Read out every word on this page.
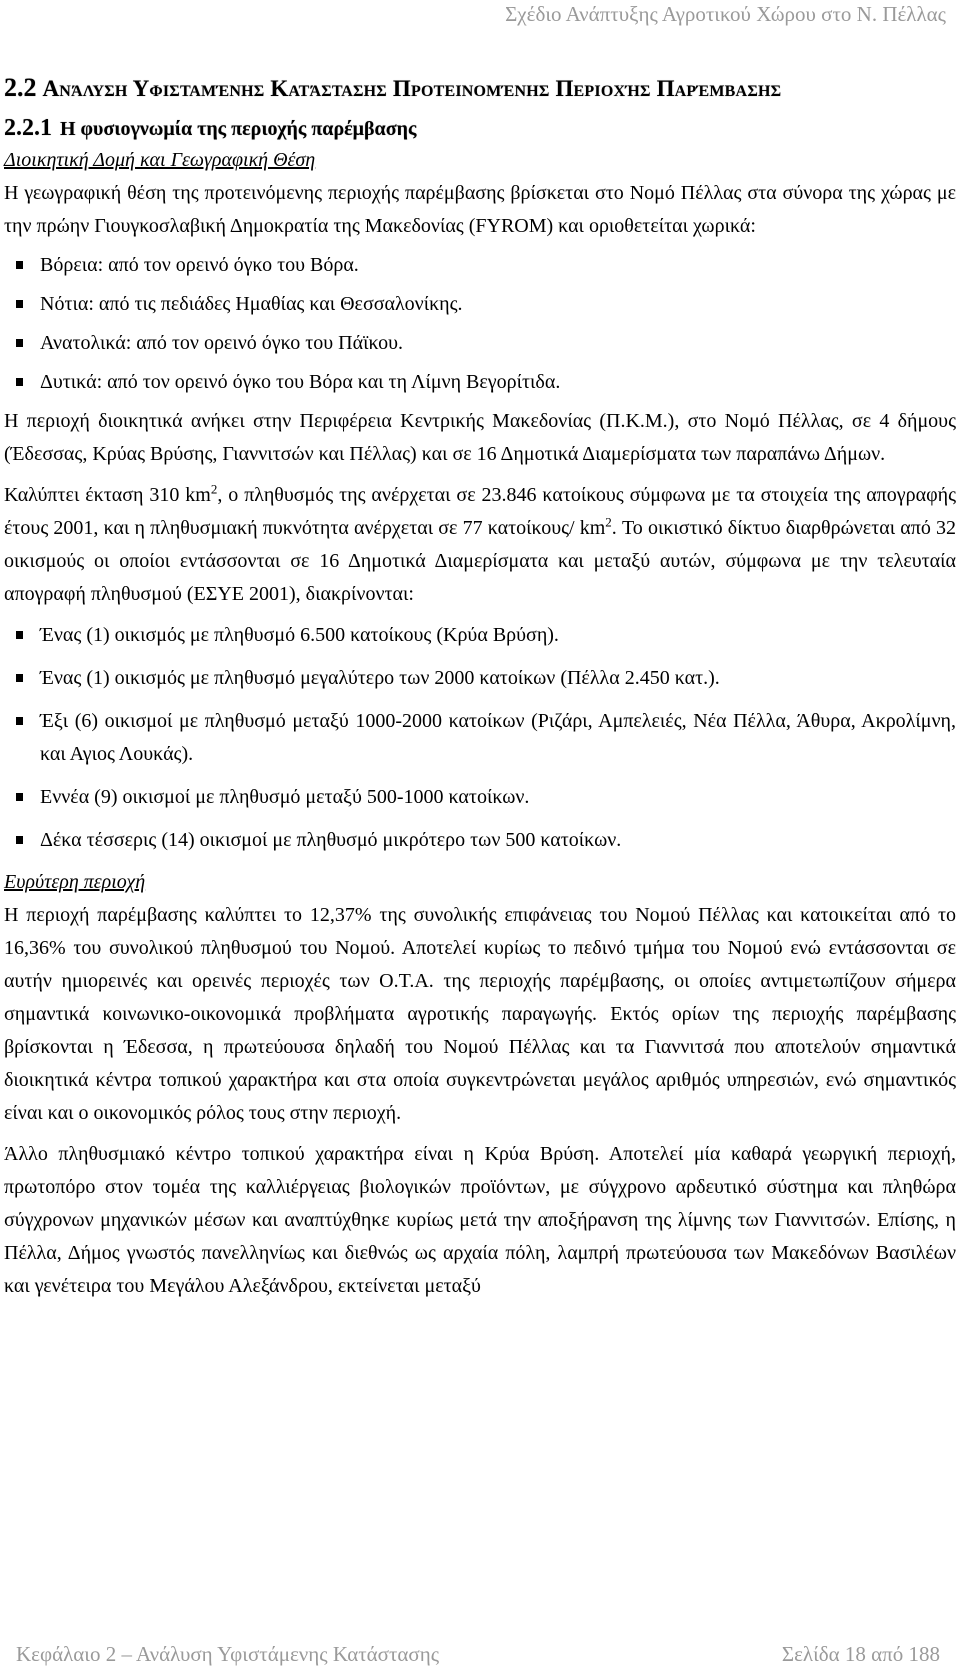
Σχέδιο Ανάπτυξης Αγροτικού Χώρου στο Ν. Πέλλας
2.2 Ανάλυση Υφισταμένης Κατάστασης Προτεινομένης Περιοχής Παρέμβασης
2.2.1 Η φυσιογνωμία της περιοχής παρέμβασης
Διοικητική Δομή και Γεωγραφική Θέση

Η γεωγραφική θέση της προτεινόμενης περιοχής παρέμβασης βρίσκεται στο Νομό Πέλλας στα σύνορα της χώρας με την πρώην Γιουγκοσλαβική Δημοκρατία της Μακεδονίας (FYROM) και οριοθετείται χωρικά:

Βόρεια: από τον ορεινό όγκο του Βόρα.
Νότια: από τις πεδιάδες Ημαθίας και Θεσσαλονίκης.
Ανατολικά: από τον ορεινό όγκο του Πάϊκου.
Δυτικά: από τον ορεινό όγκο του Βόρα και τη Λίμνη Βεγορίτιδα.

Η περιοχή διοικητικά ανήκει στην Περιφέρεια Κεντρικής Μακεδονίας (Π.Κ.Μ.), στο Νομό Πέλλας, σε 4 δήμους (Έδεσσας, Κρύας Βρύσης, Γιαννιτσών και Πέλλας) και σε 16 Δημοτικά Διαμερίσματα των παραπάνω Δήμων.

Καλύπτει έκταση 310 $km^2$, ο πληθυσμός της ανέρχεται σε 23.846 κατοίκους σύμφωνα με τα στοιχεία της απογραφής έτους 2001, και η πληθυσμιακή πυκνότητα ανέρχεται σε 77 κατοίκους/ $km^2$. Το οικιστικό δίκτυο διαρθρώνεται από 32 οικισμούς οι οποίοι εντάσσονται σε 16 Δημοτικά Διαμερίσματα και μεταξύ αυτών, σύμφωνα με την τελευταία απογραφή πληθυσμού (ΕΣΥΕ 2001), διακρίνονται:

Ένας (1) οικισμός με πληθυσμό 6.500 κατοίκους (Κρύα Βρύση).
Ένας (1) οικισμός με πληθυσμό μεγαλύτερο των 2000 κατοίκων (Πέλλα 2.450 κατ.).
Έξι (6) οικισμοί με πληθυσμό μεταξύ 1000-2000 κατοίκων (Ριζάρι, Αμπελειές, Νέα Πέλλα, Άθυρα, Ακρολίμνη, και Αγιος Λουκάς).
Εννέα (9) οικισμοί με πληθυσμό μεταξύ 500-1000 κατοίκων.
Δέκα τέσσερις (14) οικισμοί με πληθυσμό μικρότερο των 500 κατοίκων.
Ευρύτερη περιοχή

Η περιοχή παρέμβασης καλύπτει το 12,37% της συνολικής επιφάνειας του Νομού Πέλλας και κατοικείται από το 16,36% του συνολικού πληθυσμού του Νομού. Αποτελεί κυρίως το πεδινό τμήμα του Νομού ενώ εντάσσονται σε αυτήν ημιορεινές και ορεινές περιοχές των Ο.Τ.Α. της περιοχής παρέμβασης, οι οποίες αντιμετωπίζουν σήμερα σημαντικά κοινωνικο-οικονομικά προβλήματα αγροτικής παραγωγής. Εκτός ορίων της περιοχής παρέμβασης βρίσκονται η Έδεσσα, η πρωτεύουσα δηλαδή του Νομού Πέλλας και τα Γιαννιτσά που αποτελούν σημαντικά διοικητικά κέντρα τοπικού χαρακτήρα και στα οποία συγκεντρώνεται μεγάλος αριθμός υπηρεσιών, ενώ σημαντικός είναι και ο οικονομικός ρόλος τους στην περιοχή.

Άλλο πληθυσμιακό κέντρο τοπικού χαρακτήρα είναι η Κρύα Βρύση. Αποτελεί μία καθαρά γεωργική περιοχή, πρωτοπόρο στον τομέα της καλλιέργειας βιολογικών προϊόντων, με σύγχρονο αρδευτικό σύστημα και πληθώρα σύγχρονων μηχανικών μέσων και αναπτύχθηκε κυρίως μετά την αποξήρανση της λίμνης των Γιαννιτσών. Επίσης, η Πέλλα, Δήμος γνωστός πανελληνίως και διεθνώς ως αρχαία πόλη, λαμπρή πρωτεύουσα των Μακεδόνων Βασιλέων και γενέτειρα του Μεγάλου Αλεξάνδρου, εκτείνεται μεταξύ

Κεφάλαιο 2 – Ανάλυση Υφιστάμενης Κατάστασης	Σελίδα 18 από 188
